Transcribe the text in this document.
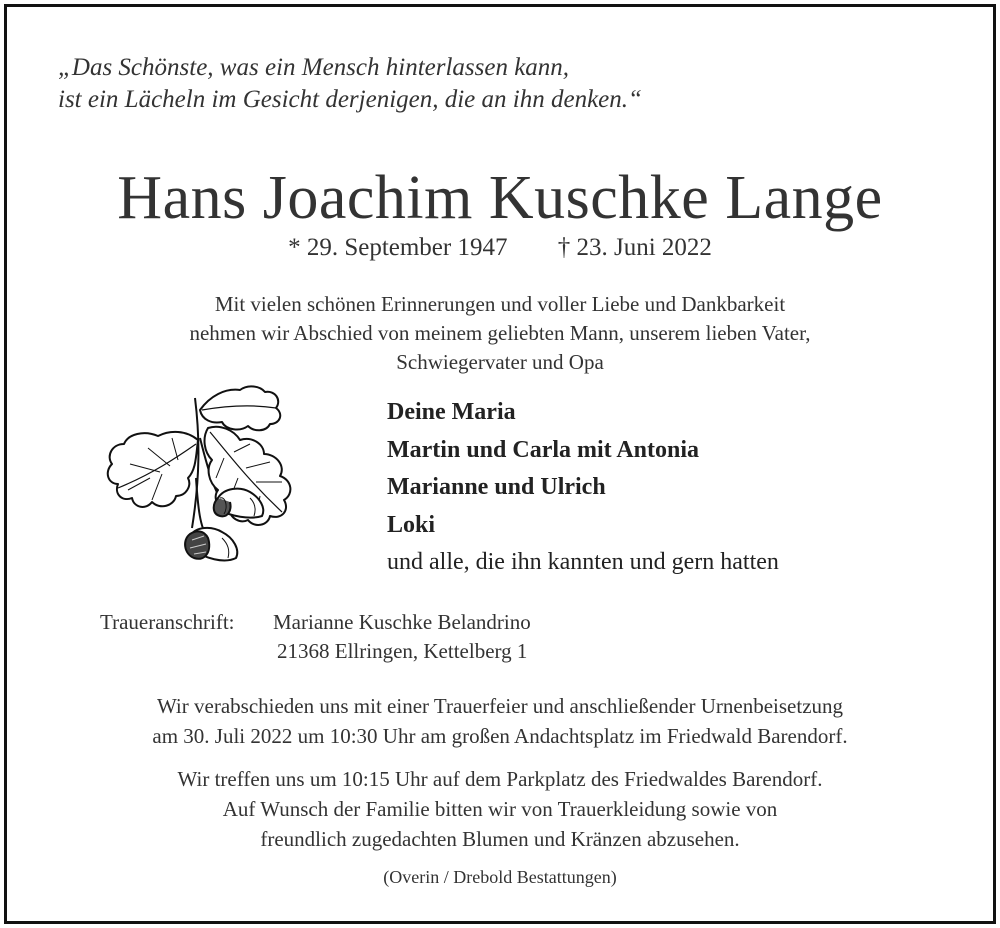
„Das Schönste, was ein Mensch hinterlassen kann,
ist ein Lächeln im Gesicht derjenigen, die an ihn denken.“
Hans Joachim Kuschke Lange
* 29. September 1947 † 23. Juni 2022
Mit vielen schönen Erinnerungen und voller Liebe und Dankbarkeit
nehmen wir Abschied von meinem geliebten Mann, unserem lieben Vater,
Schwiegervater und Opa
Deine Maria
Martin und Carla mit Antonia
Marianne und Ulrich
Loki
und alle, die ihn kannten und gern hatten
Traueranschrift: Marianne Kuschke Belandrino
21368 Ellringen, Kettelberg 1
Wir verabschieden uns mit einer Trauerfeier und anschließender Urnenbeisetzung
am 30. Juli 2022 um 10:30 Uhr am großen Andachtsplatz im Friedwald Barendorf.
Wir treffen uns um 10:15 Uhr auf dem Parkplatz des Friedwaldes Barendorf.
Auf Wunsch der Familie bitten wir von Trauerkleidung sowie von
freundlich zugedachten Blumen und Kränzen abzusehen.
(Overin / Drebold Bestattungen)
